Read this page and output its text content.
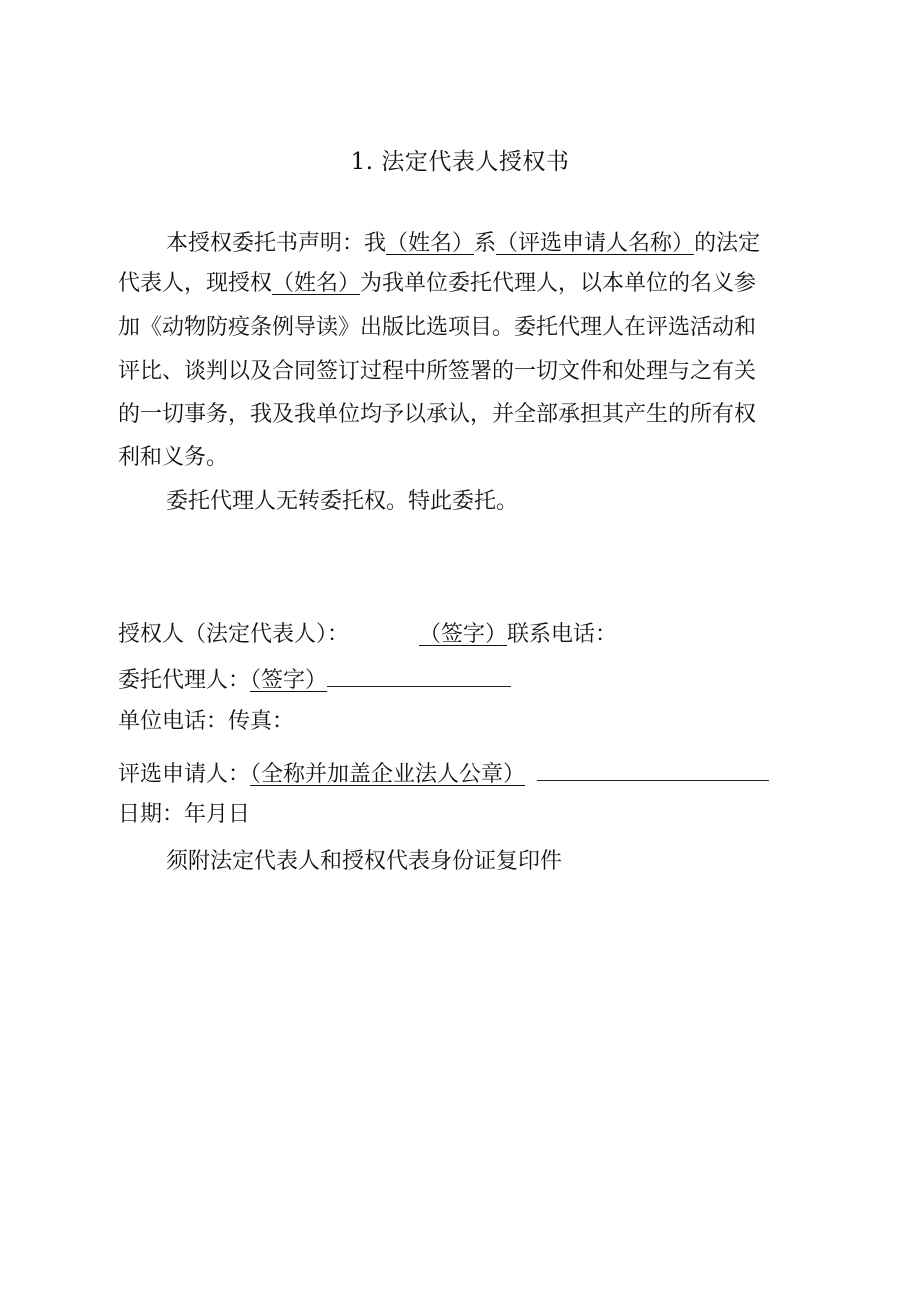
1. 法定代表人授权书
本授权委托书声明：我（姓名）系（评选申请人名称）的法定
代表人，现授权（姓名）为我单位委托代理人，以本单位的名义参
加《动物防疫条例导读》出版比选项目。委托代理人在评选活动和
评比、谈判以及合同签订过程中所签署的一切文件和处理与之有关
的一切事务，我及我单位均予以承认，并全部承担其产生的所有权
利和义务。
委托代理人无转委托权。特此委托。
授权人（法定代表人）：	（签字）联系电话：
委托代理人：（签字）
单位电话：传真：
评选申请人：（全称并加盖企业法人公章）
日期：年月日
须附法定代表人和授权代表身份证复印件
